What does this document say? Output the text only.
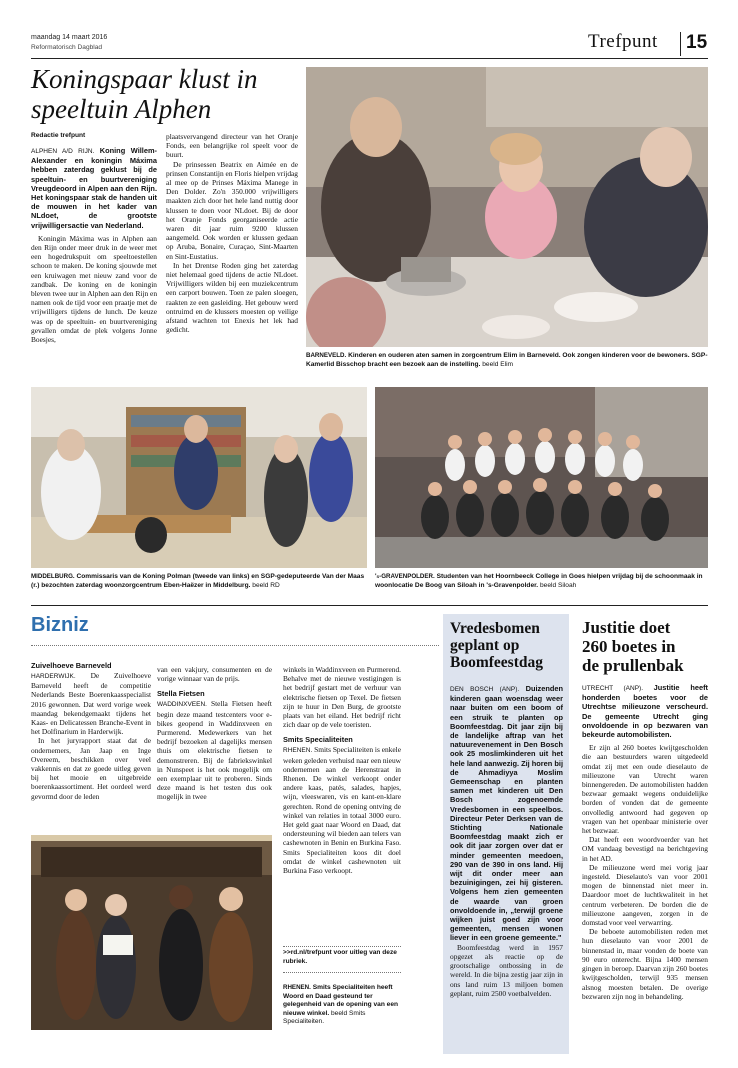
maandag 14 maart 2016
Reformatorisch Dagblad	Trefpunt 15
Koningspaar klust in
speeltuin Alphen
Redactie trefpunt

ALPHEN A/D RIJN. Koning Willem-Alexander en koningin Máxima hebben zaterdag geklust bij de speeltuin- en buurtvereniging Vreugdeoord in Alpen aan den Rijn. Het koningspaar stak de handen uit de mouwen in het kader van NLdoet, de grootste vrijwilligersactie van Nederland.

Koningin Máxima was in Alphen aan den Rijn onder meer druk in de weer met een hogedrukspuit om speeltoestellen schoon te maken. De koning sjouwde met een kruiwagen met nieuw zand voor de zandbak. De koning en de koningin bleven twee uur in Alphen aan den Rijn en namen ook de tijd voor een praatje met de vrijwilligers tijdens de lunch. De keuze was op de speeltuin- en buurtvereniging gevallen omdat de plek volgens Jonne Boesjes,

plaatsvervangend directeur van het Oranje Fonds, een belangrijke rol speelt voor de buurt.

De prinsessen Beatrix en Aimée en de prinsen Constantijn en Floris hielpen vrijdag al mee op de Prinses Máxima Manege in Den Dolder. Zo'n 350.000 vrijwilligers maakten zich door het hele land nuttig door klussen te doen voor NLdoet. Bij de door het Oranje Fonds georganiseerde actie waren dit jaar ruim 9200 klussen aangemeld. Ook worden er klussen gedaan op Aruba, Bonaire, Curaçao, Sint-Maarten en Sint-Eustatius.

In het Drentse Roden ging het zaterdag niet helemaal goed tijdens de actie NLdoet. Vrijwilligers wilden bij een muziekcentrum een carport bouwen. Toen ze palen sloegen, raakten ze een gasleiding. Het gebouw werd ontruimd en de klussers moesten op veilige afstand wachten tot Enexis het lek had gedicht.

BARNEVELD. Kinderen en ouderen aten samen in zorgcentrum Elim in Barneveld. Ook zongen kinderen voor de bewoners. SGP-Kamerlid Bisschop bracht een bezoek aan de instelling. beeld Elim
MIDDELBURG. Commissaris van de Koning Polman (tweede van links) en SGP-gedeputeerde Van der Maas (r.) bezochten zaterdag woonzorgcentrum Eben-Haëzer in Middelburg. beeld RD
's-GRAVENPOLDER. Studenten van het Hoornbeeck College in Goes hielpen vrijdag bij de schoonmaak in woonlocatie De Boog van Siloah in 's-Gravenpolder. beeld Siloah
Bizniz

Zuivelhoeve Barneveld

HARDERWIJK. De Zuivelhoeve Barneveld heeft de competitie Nederlands Beste Boerenkaasspecialist 2016 gewonnen. Dat werd vorige week maandag bekendgemaakt tijdens het Kaas- en Delicatessen Branche-Event in het Dolfinarium in Harderwijk.

In het juryrapport staat dat de ondernemers, Jan Jaap en Inge Overeem, beschikken over veel vakkennis en dat ze goede uitleg geven bij het mooie en uitgebreide boerenkaassortiment. Het oordeel werd gevormd door de leden

van een vakjury, consumenten en de vorige winnaar van de prijs.

Stella Fietsen

WADDINXVEEN. Stella Fietsen heeft begin deze maand testcenters voor e-bikes geopend in Waddinxveen en Purmerend. Medewerkers van het bedrijf bezoeken al dagelijks mensen thuis om elektrische fietsen te demonstreren. Bij de fabriekswinkel in Nunspeet is het ook mogelijk om een exemplaar uit te proberen. Sinds deze maand is het testen dus ook mogelijk in twee

winkels in Waddinxveen en Purmerend. Behalve met de nieuwe vestigingen is het bedrijf gestart met de verhuur van elektrische fietsen op Texel. De fietsen zijn te huur in Den Burg, de grootste plaats van het eiland. Het bedrijf richt zich daar op de vele toeristen.

Smits Specialiteiten

RHENEN. Smits Specialiteiten is enkele weken geleden verhuisd naar een nieuw ondernemen aan de Herenstraat in Rhenen. De winkel verkoopt onder andere kaas, patés, salades, hapjes, wijn, vleeswaren, vis en kant-en-klare gerechten. Rond de opening ontving de winkel van relaties in totaal 3000 euro. Het geld gaat naar Woord en Daad, dat ondersteuning wil bieden aan telers van cashewnoten in Benin en Burkina Faso. Smits Specialiteiten koos dit doel omdat de winkel cashewnoten uit Burkina Faso verkoopt.

>>rd.nl/trefpunt voor uitleg van deze rubriek.
RHENEN. Smits Specialiteiten heeft Woord en Daad gesteund ter gelegenheid van de opening van een nieuwe winkel. beeld Smits Specialiteiten.
Vredesbomen
geplant op
Boomfeestdag

DEN BOSCH (ANP). Duizenden kinderen gaan woensdag weer naar buiten om een boom of een struik te planten op Boomfeestdag. Dit jaar zijn bij de landelijke aftrap van het natuurevenement in Den Bosch ook 25 moslimkinderen uit het hele land aanwezig. Zij horen bij de Ahmadiyya Moslim Gemeenschap en planten samen met kinderen uit Den Bosch zogenoemde Vredesbomen in een speelbos. Directeur Peter Derksen van de Stichting Nationale Boomfeestdag maakt zich er ook dit jaar zorgen over dat er minder gemeenten meedoen, 290 van de 390 in ons land. Hij wijt dit onder meer aan bezuinigingen, zei hij gisteren. Volgens hem zien gemeenten de waarde van groen onvoldoende in, „terwijl groene wijken juist goed zijn voor gemeenten, mensen wonen liever in een groene gemeente."

Boomfeestdag werd in 1957 opgezet als reactie op de grootschalige ontbossing in de wereld. In die bijna zestig jaar zijn in ons land ruim 13 miljoen bomen geplant, ruim 2500 voetbalvelden.

Justitie doet
260 boetes in
de prullenbak

UTRECHT (ANP). Justitie heeft honderden boetes voor de Utrechtse milieuzone verscheurd. De gemeente Utrecht ging onvoldoende in op bezwaren van bekeurde automobilisten.

Er zijn al 260 boetes kwijtgescholden die aan bestuurders waren uitgedeeld omdat zij met een oude dieselauto de milieuzone van Utrecht waren binnengereden. De automobilisten hadden bezwaar gemaakt wegens onduidelijke borden of vonden dat de gemeente onvolledig antwoord had gegeven op vragen van het openbaar ministerie over het bezwaar.

Dat heeft een woordvoerder van het OM vandaag bevestigd na berichtgeving in het AD.

De milieuzone werd mei vorig jaar ingesteld. Dieselauto's van voor 2001 mogen de binnenstad niet meer in. Daardoor moet de luchtkwaliteit in het centrum verbeteren. De borden die de milieuzone aangeven, zorgen in de domstad voor veel verwarring.

De beboete automobilisten reden met hun dieselauto van voor 2001 de binnenstad in, maar vonden de boete van 90 euro onterecht. Bijna 1400 mensen gingen in beroep. Daarvan zijn 260 boetes kwijtgescholden, terwijl 935 mensen alsnog moesten betalen. De overige bezwaren zijn nog in behandeling.
